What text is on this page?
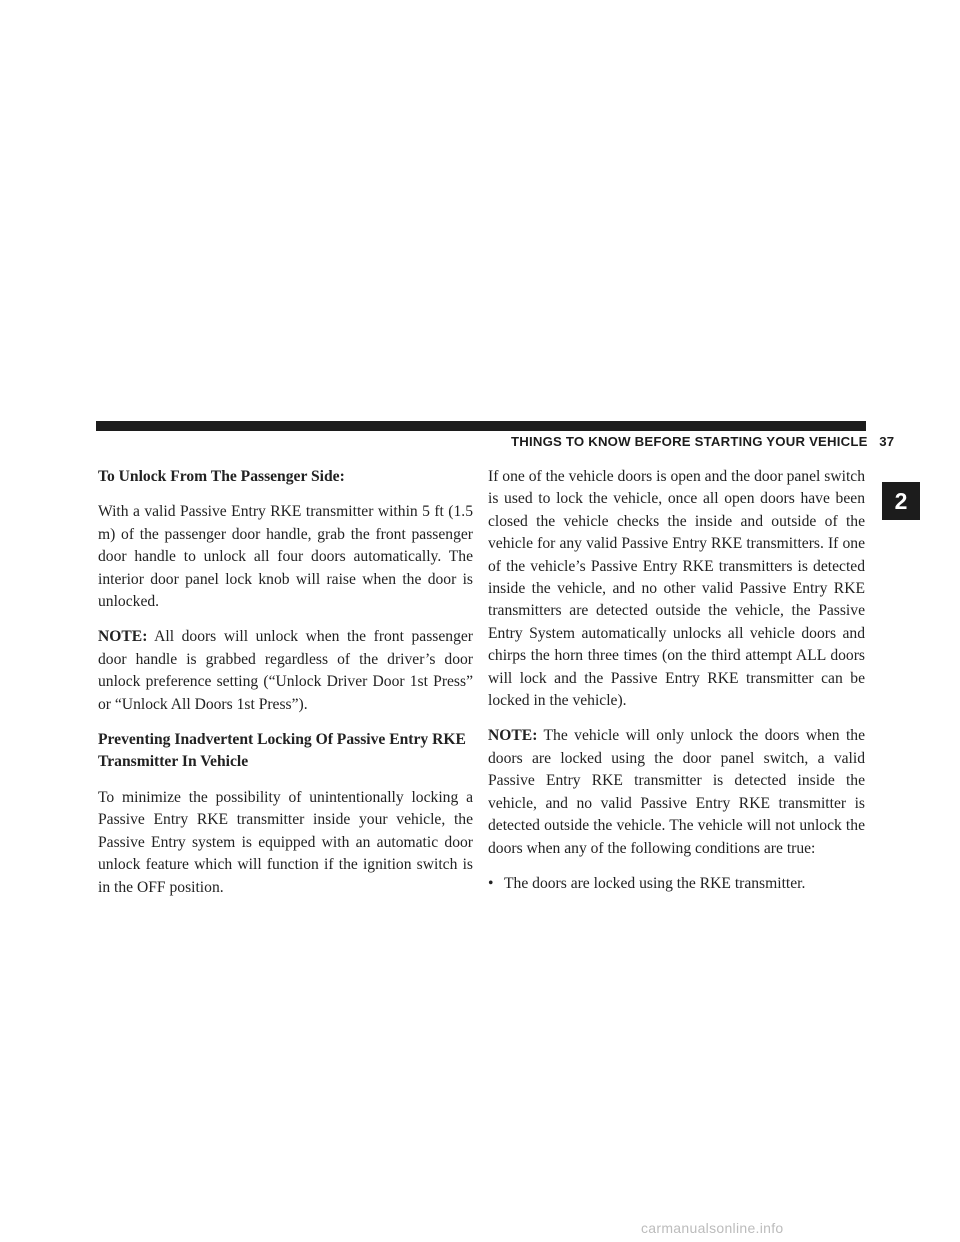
THINGS TO KNOW BEFORE STARTING YOUR VEHICLE 37
2

To Unlock From The Passenger Side:

With a valid Passive Entry RKE transmitter within 5 ft (1.5 m) of the passenger door handle, grab the front passenger door handle to unlock all four doors automatically. The interior door panel lock knob will raise when the door is unlocked.

NOTE: All doors will unlock when the front passenger door handle is grabbed regardless of the driver’s door unlock preference setting (“Unlock Driver Door 1st Press” or “Unlock All Doors 1st Press”).

Preventing Inadvertent Locking Of Passive Entry RKE Transmitter In Vehicle

To minimize the possibility of unintentionally locking a Passive Entry RKE transmitter inside your vehicle, the Passive Entry system is equipped with an automatic door unlock feature which will function if the ignition switch is in the OFF position.

If one of the vehicle doors is open and the door panel switch is used to lock the vehicle, once all open doors have been closed the vehicle checks the inside and outside of the vehicle for any valid Passive Entry RKE transmitters. If one of the vehicle’s Passive Entry RKE transmitters is detected inside the vehicle, and no other valid Passive Entry RKE transmitters are detected outside the vehicle, the Passive Entry System automatically unlocks all vehicle doors and chirps the horn three times (on the third attempt ALL doors will lock and the Passive Entry RKE transmitter can be locked in the vehicle).

NOTE: The vehicle will only unlock the doors when the doors are locked using the door panel switch, a valid Passive Entry RKE transmitter is detected inside the vehicle, and no valid Passive Entry RKE transmitter is detected outside the vehicle. The vehicle will not unlock the doors when any of the following conditions are true:

• The doors are locked using the RKE transmitter.
carmanualsonline.info
